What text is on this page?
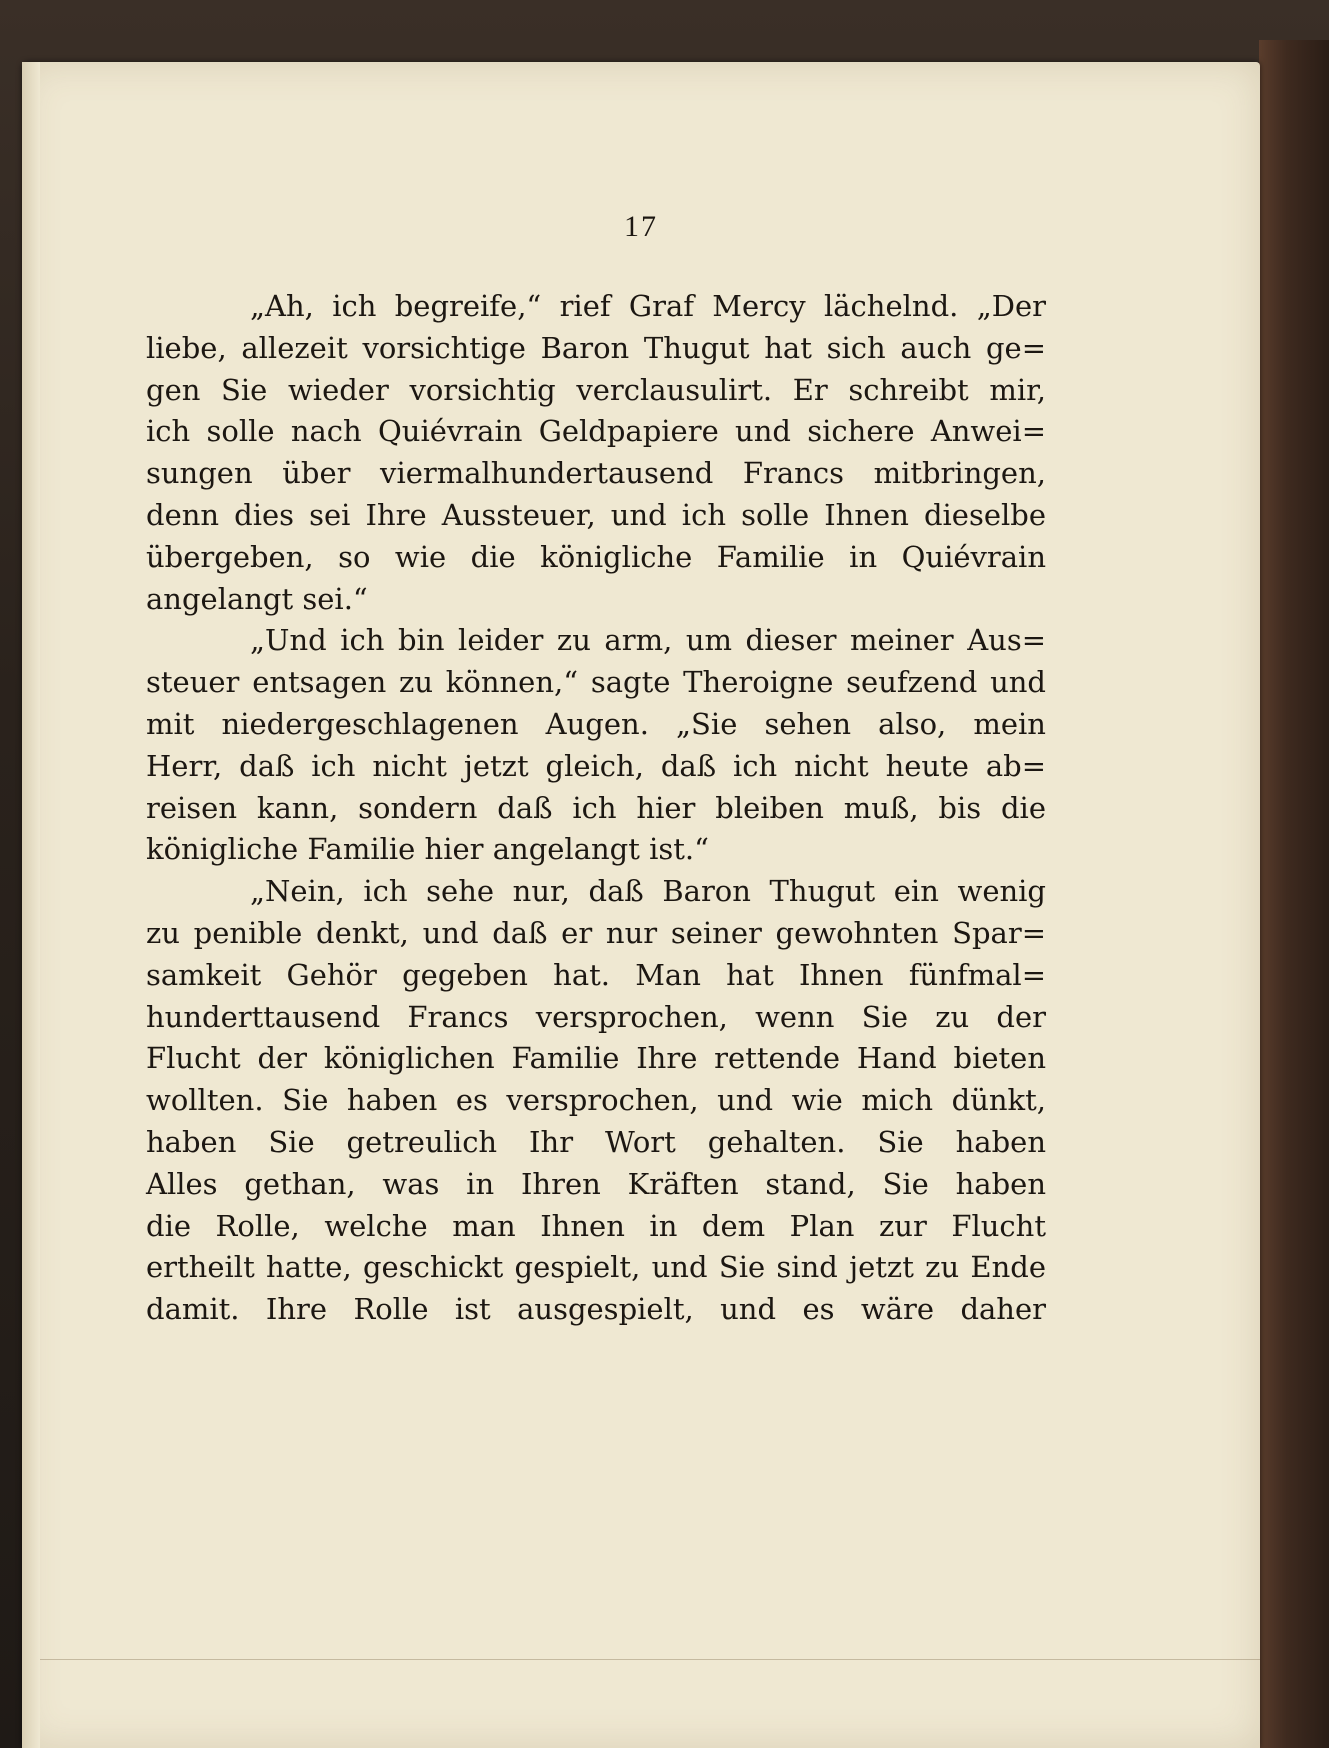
17
„Ah, ich begreife,“ rief Graf Mercy lächelnd. „Der
liebe, allezeit vorsichtige Baron Thugut hat sich auch ge=
gen Sie wieder vorsichtig verclausulirt. Er schreibt mir,
ich solle nach Quiévrain Geldpapiere und sichere Anwei=
sungen über viermalhundertausend Francs mitbringen,
denn dies sei Ihre Aussteuer, und ich solle Ihnen dieselbe
übergeben, so wie die königliche Familie in Quiévrain
angelangt sei.“
„Und ich bin leider zu arm, um dieser meiner Aus=
steuer entsagen zu können,“ sagte Theroigne seufzend und
mit niedergeschlagenen Augen. „Sie sehen also, mein
Herr, daß ich nicht jetzt gleich, daß ich nicht heute ab=
reisen kann, sondern daß ich hier bleiben muß, bis die
königliche Familie hier angelangt ist.“
„Nein, ich sehe nur, daß Baron Thugut ein wenig
zu penible denkt, und daß er nur seiner gewohnten Spar=
samkeit Gehör gegeben hat. Man hat Ihnen fünfmal=
hunderttausend Francs versprochen, wenn Sie zu der
Flucht der königlichen Familie Ihre rettende Hand bieten
wollten. Sie haben es versprochen, und wie mich dünkt,
haben Sie getreulich Ihr Wort gehalten. Sie haben
Alles gethan, was in Ihren Kräften stand, Sie haben
die Rolle, welche man Ihnen in dem Plan zur Flucht
ertheilt hatte, geschickt gespielt, und Sie sind jetzt zu Ende
damit. Ihre Rolle ist ausgespielt, und es wäre daher
